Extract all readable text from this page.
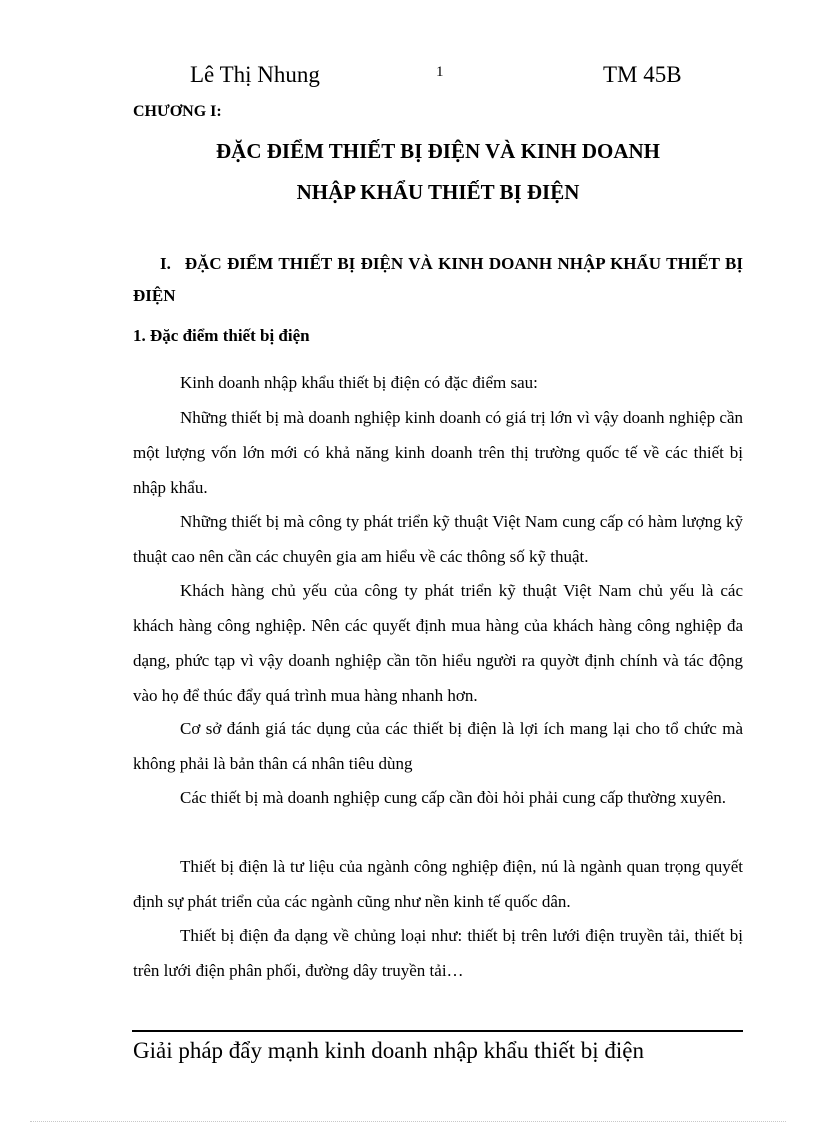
Lê Thị Nhung	1	TM 45B
CHƯƠNG I:
ĐẶC ĐIỂM THIẾT BỊ ĐIỆN VÀ KINH DOANH
NHẬP KHẨU THIẾT BỊ ĐIỆN
I. ĐẶC ĐIỂM THIẾT BỊ ĐIỆN VÀ KINH DOANH NHẬP KHẨU THIẾT BỊ ĐIỆN
1. Đặc điểm thiết bị điện

Kinh doanh nhập khẩu thiết bị điện có đặc điểm sau:

Những thiết bị mà doanh nghiệp kinh doanh có giá trị lớn vì vậy doanh nghiệp cần một lượng vốn lớn mới có khả năng kinh doanh trên thị trường quốc tế về các thiết bị nhập khẩu.

Những thiết bị mà công ty phát triển kỹ thuật Việt Nam cung cấp có hàm lượng kỹ thuật cao nên cần các chuyên gia am hiểu về các thông số kỹ thuật.

Khách hàng chủ yếu của công ty phát triển kỹ thuật Việt Nam chủ yếu là các khách hàng công nghiệp. Nên các quyết định mua hàng của khách hàng công nghiệp đa dạng, phức tạp vì vậy doanh nghiệp cần tõn hiểu người ra quyờt định chính và tác động vào họ để thúc đẩy quá trình mua hàng nhanh hơn.

Cơ sở đánh giá tác dụng của các thiết bị điện là lợi ích mang lại cho tổ chức mà không phải là bản thân cá nhân tiêu dùng

Các thiết bị mà doanh nghiệp cung cấp cần đòi hỏi phải cung cấp thường xuyên.

Thiết bị điện là tư liệu của ngành công nghiệp điện, nú là ngành quan trọng quyết định sự phát triển của các ngành cũng như nền kinh tế quốc dân.

Thiết bị điện đa dạng về chủng loại như: thiết bị trên lưới điện truyền tải, thiết bị trên lưới điện phân phối, đường dây truyền tải…

Giải pháp đẩy mạnh kinh doanh nhập khẩu thiết bị điện
